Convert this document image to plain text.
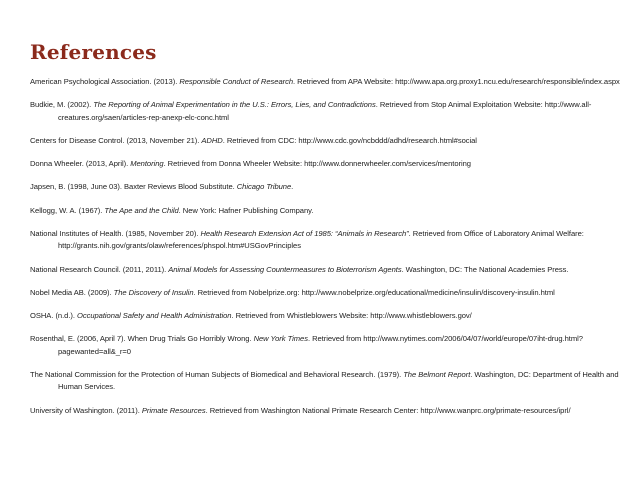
References
American Psychological Association. (2013). Responsible Conduct of Research. Retrieved from APA Website: http://www.apa.org.proxy1.ncu.edu/research/responsible/index.aspx
Budkie, M. (2002). The Reporting of Animal Experimentation in the U.S.: Errors, Lies, and Contradictions. Retrieved from Stop Animal Exploitation Website: http://www.all-creatures.org/saen/articles-rep-anexp-elc-conc.html
Centers for Disease Control. (2013, November 21). ADHD. Retrieved from CDC: http://www.cdc.gov/ncbddd/adhd/research.html#social
Donna Wheeler. (2013, April). Mentoring. Retrieved from Donna Wheeler Website: http://www.donnerwheeler.com/services/mentoring
Japsen, B. (1998, June 03). Baxter Reviews Blood Substitute. Chicago Tribune.
Kellogg, W. A. (1967). The Ape and the Child. New York: Hafner Publishing Company.
National Institutes of Health. (1985, November 20). Health Research Extension Act of 1985: “Animals in Research”. Retrieved from Office of Laboratory Animal Welfare: http://grants.nih.gov/grants/olaw/references/phspol.htm#USGovPrinciples
National Research Council. (2011, 2011). Animal Models for Assessing Countermeasures to Bioterrorism Agents. Washington, DC: The National Academies Press.
Nobel Media AB. (2009). The Discovery of Insulin. Retrieved from Nobelprize.org: http://www.nobelprize.org/educational/medicine/insulin/discovery-insulin.html
OSHA. (n.d.). Occupational Safety and Health Administration. Retrieved from Whistleblowers Website: http://www.whistleblowers.gov/
Rosenthal, E. (2006, April 7). When Drug Trials Go Horribly Wrong. New York Times. Retrieved from http://www.nytimes.com/2006/04/07/world/europe/07iht-drug.html?pagewanted=all&_r=0
The National Commission for the Protection of Human Subjects of Biomedical and Behavioral Research. (1979). The Belmont Report. Washington, DC: Department of Health and Human Services.
University of Washington. (2011). Primate Resources. Retrieved from Washington National Primate Research Center: http://www.wanprc.org/primate-resources/iprl/
